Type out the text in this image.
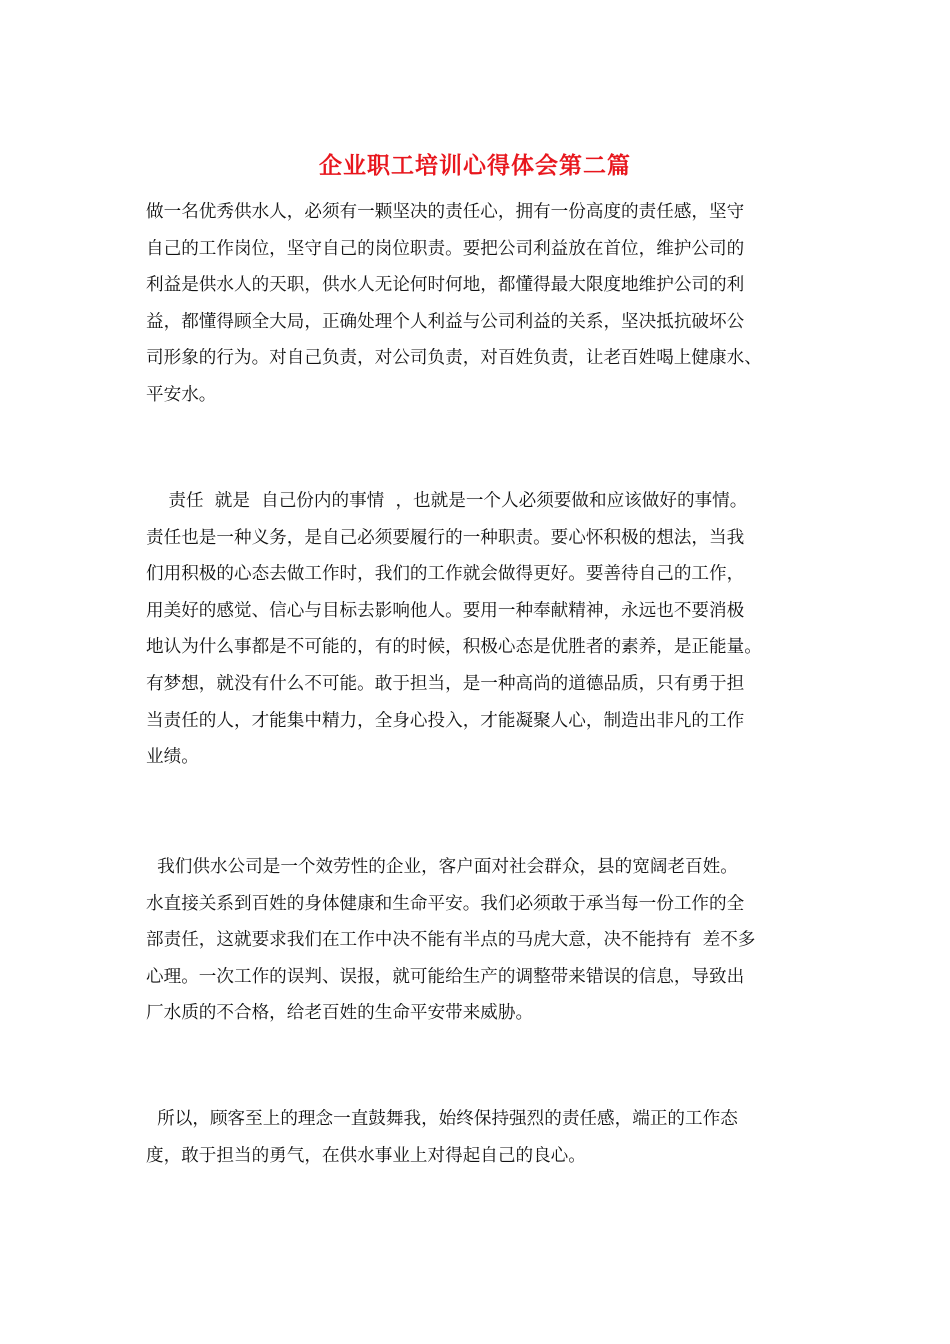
企业职工培训心得体会第二篇
做一名优秀供水人，必须有一颗坚决的责任心，拥有一份高度的责任感，坚守
自己的工作岗位，坚守自己的岗位职责。要把公司利益放在首位，维护公司的
利益是供水人的天职，供水人无论何时何地，都懂得最大限度地维护公司的利
益，都懂得顾全大局，正确处理个人利益与公司利益的关系，坚决抵抗破坏公
司形象的行为。对自己负责，对公司负责，对百姓负责，让老百姓喝上健康水、
平安水。
责任  就是  自己份内的事情  ，也就是一个人必须要做和应该做好的事情。
责任也是一种义务，是自己必须要履行的一种职责。要心怀积极的想法，当我
们用积极的心态去做工作时，我们的工作就会做得更好。要善待自己的工作，
用美好的感觉、信心与目标去影响他人。要用一种奉献精神，永远也不要消极
地认为什么事都是不可能的，有的时候，积极心态是优胜者的素养，是正能量。
有梦想，就没有什么不可能。敢于担当，是一种高尚的道德品质，只有勇于担
当责任的人，才能集中精力，全身心投入，才能凝聚人心，制造出非凡的工作
业绩。
我们供水公司是一个效劳性的企业，客户面对社会群众，县的宽阔老百姓。
水直接关系到百姓的身体健康和生命平安。我们必须敢于承当每一份工作的全
部责任，这就要求我们在工作中决不能有半点的马虎大意，决不能持有  差不多
心理。一次工作的误判、误报，就可能给生产的调整带来错误的信息，导致出
厂水质的不合格，给老百姓的生命平安带来威胁。
所以，顾客至上的理念一直鼓舞我，始终保持强烈的责任感，端正的工作态
度，敢于担当的勇气，在供水事业上对得起自己的良心。
